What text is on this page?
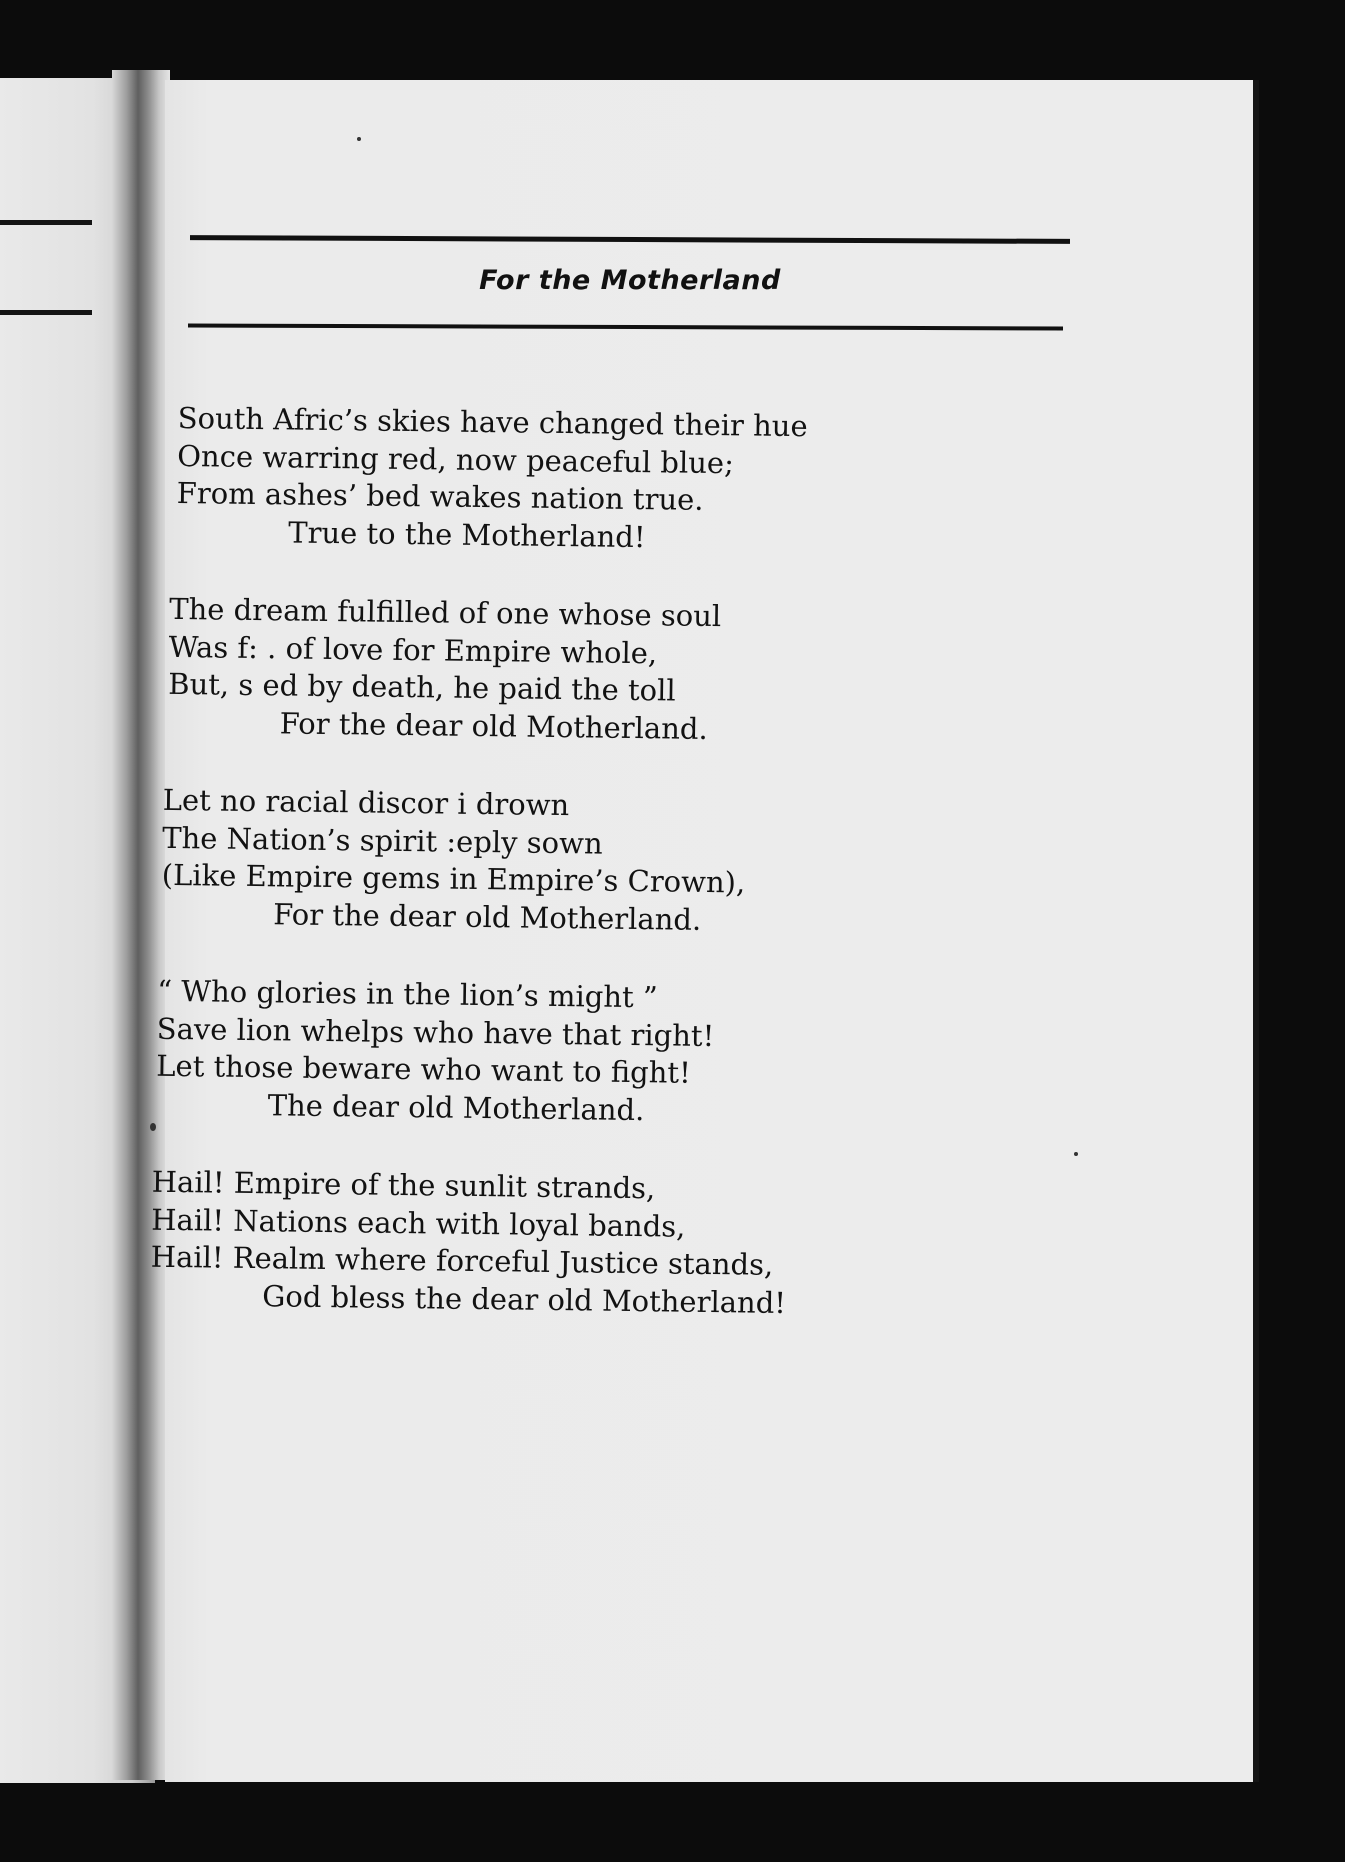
For the Motherland
South Afric’s skies have changed their hue
Once warring red, now peaceful blue;
From ashes’ bed wakes nation true.
True to the Motherland!
The dream fulfilled of one whose soul
Was f: . of love for Empire whole,
But, s ed by death, he paid the toll
For the dear old Motherland.
Let no racial discor i drown
The Nation’s spirit :eply sown
(Like Empire gems in Empire’s Crown),
For the dear old Motherland.
“ Who glories in the lion’s might ”
Save lion whelps who have that right!
Let those beware who want to fight!
The dear old Motherland.
Hail! Empire of the sunlit strands,
Hail! Nations each with loyal bands,
Hail! Realm where forceful Justice stands,
God bless the dear old Motherland!
